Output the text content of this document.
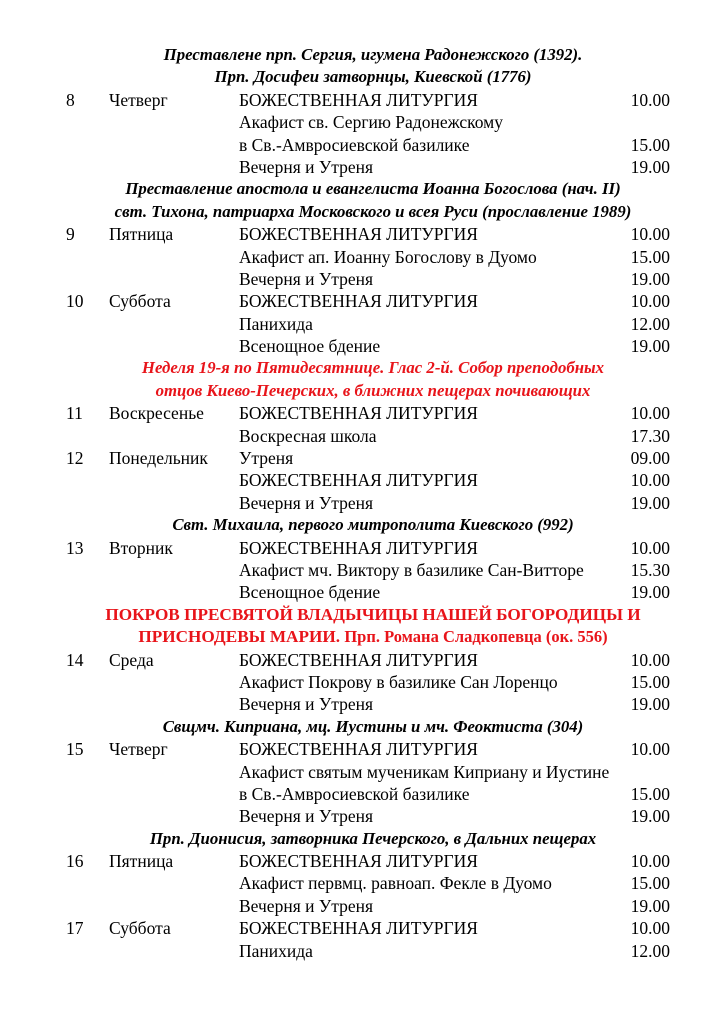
Преставлене прп. Сергия, игумена Радонежского (1392).
Прп. Досифеи затворнцы, Киевской (1776)
8 Четверг	БОЖЕСТВЕННАЯ ЛИТУРГИЯ	10.00
Акафист св. Сергию Радонежскому
в Св.-Амвросиевской базилике	15.00
Вечерня и Утреня	19.00
Преставление апостола и евангелиста Иоанна Богослова (нач. II)
свт. Тихона, патриарха Московского и всея Руси (прославление 1989)
9 Пятница	БОЖЕСТВЕННАЯ ЛИТУРГИЯ	10.00
Акафист ап. Иоанну Богослову в Дуомо	15.00
Вечерня и Утреня	19.00
10 Суббота	БОЖЕСТВЕННАЯ ЛИТУРГИЯ	10.00
Панихида	12.00
Всенощное бдение	19.00
Неделя 19-я по Пятидесятнице. Глас 2-й. Собор преподобных
отцов Киево-Печерских, в ближних пещерах почивающих
11 Воскресенье БОЖЕСТВЕННАЯ ЛИТУРГИЯ	10.00
Воскресная школа	17.30
12 Понедельник Утреня	09.00
БОЖЕСТВЕННАЯ ЛИТУРГИЯ	10.00
Вечерня и Утреня	19.00
Свт. Михаила, первого митрополита Киевского (992)
13 Вторник	БОЖЕСТВЕННАЯ ЛИТУРГИЯ	10.00
Акафист мч. Виктору в базилике Сан-Витторе	15.30
Всенощное бдение	19.00
ПОКРОВ ПРЕСВЯТОЙ ВЛАДЫЧИЦЫ НАШЕЙ БОГОРОДИЦЫ И
ПРИСНОДЕВЫ МАРИИ. Прп. Романа Сладкопевца (ок. 556)
14 Среда	БОЖЕСТВЕННАЯ ЛИТУРГИЯ	10.00
Акафист Покрову в базилике Сан Лоренцо	15.00
Вечерня и Утреня	19.00
Свщмч. Киприана, мц. Иустины и мч. Феоктиста (304)
15 Четверг	БОЖЕСТВЕННАЯ ЛИТУРГИЯ	10.00
Акафист святым мученикам Киприану и Иустине
в Св.-Амвросиевской базилике	15.00
Вечерня и Утреня	19.00
Прп. Дионисия, затворника Печерского, в Дальних пещерах
16 Пятница	БОЖЕСТВЕННАЯ ЛИТУРГИЯ	10.00
Акафист первмц. равноап. Фекле в Дуомо	15.00
Вечерня и Утреня	19.00
17 Суббота	БОЖЕСТВЕННАЯ ЛИТУРГИЯ	10.00
Панихида	12.00
